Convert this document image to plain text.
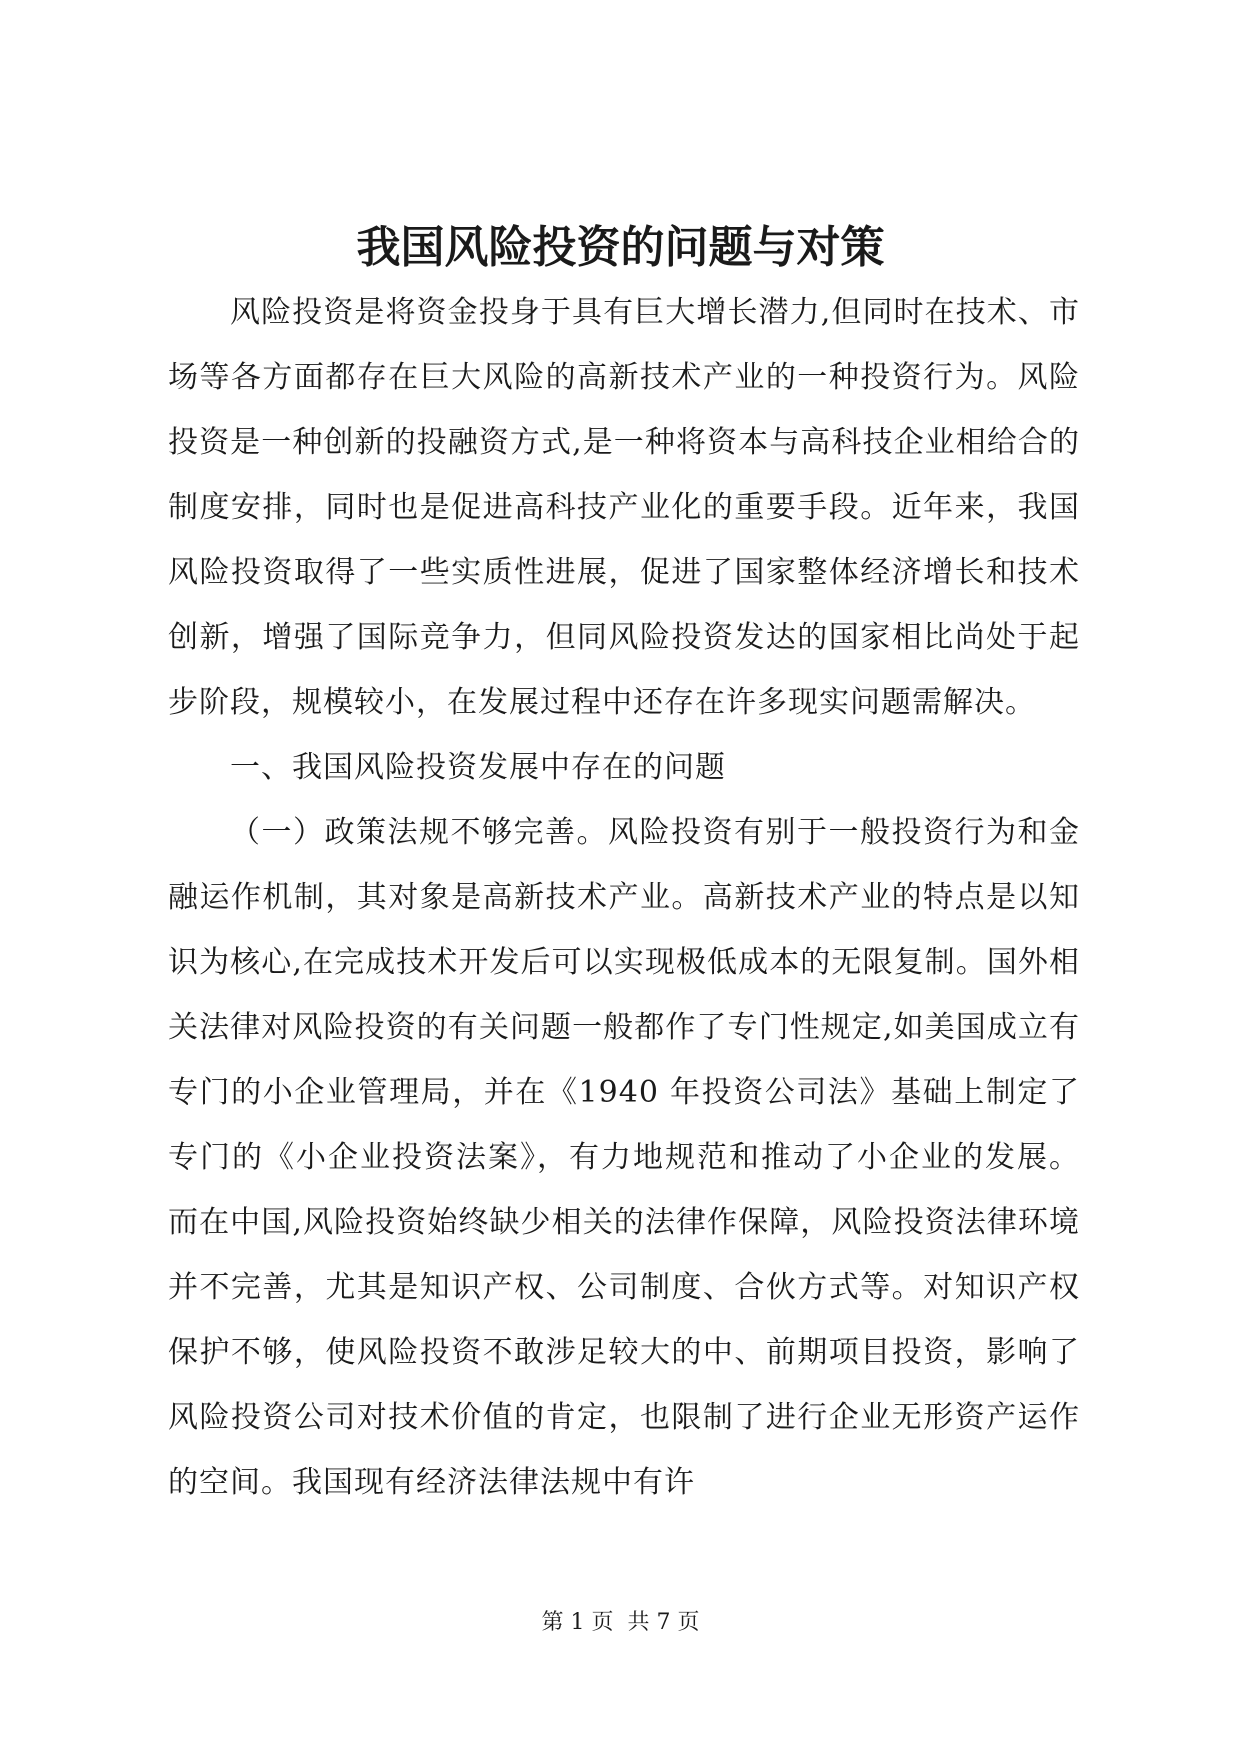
我国风险投资的问题与对策

风险投资是将资金投身于具有巨大增长潜力,但同时在技术、市场等各方面都存在巨大风险的高新技术产业的一种投资行为。风险投资是一种创新的投融资方式,是一种将资本与高科技企业相给合的制度安排，同时也是促进高科技产业化的重要手段。近年来，我国风险投资取得了一些实质性进展，促进了国家整体经济增长和技术创新，增强了国际竞争力，但同风险投资发达的国家相比尚处于起步阶段，规模较小，在发展过程中还存在许多现实问题需解决。

一、我国风险投资发展中存在的问题

（一）政策法规不够完善。风险投资有别于一般投资行为和金融运作机制，其对象是高新技术产业。高新技术产业的特点是以知识为核心,在完成技术开发后可以实现极低成本的无限复制。国外相关法律对风险投资的有关问题一般都作了专门性规定,如美国成立有专门的小企业管理局，并在《1940 年投资公司法》基础上制定了专门的《小企业投资法案》，有力地规范和推动了小企业的发展。而在中国,风险投资始终缺少相关的法律作保障，风险投资法律环境并不完善，尤其是知识产权、公司制度、合伙方式等。对知识产权保护不够，使风险投资不敢涉足较大的中、前期项目投资，影响了风险投资公司对技术价值的肯定，也限制了进行企业无形资产运作的空间。我国现有经济法律法规中有许

第 1 页  共 7 页
